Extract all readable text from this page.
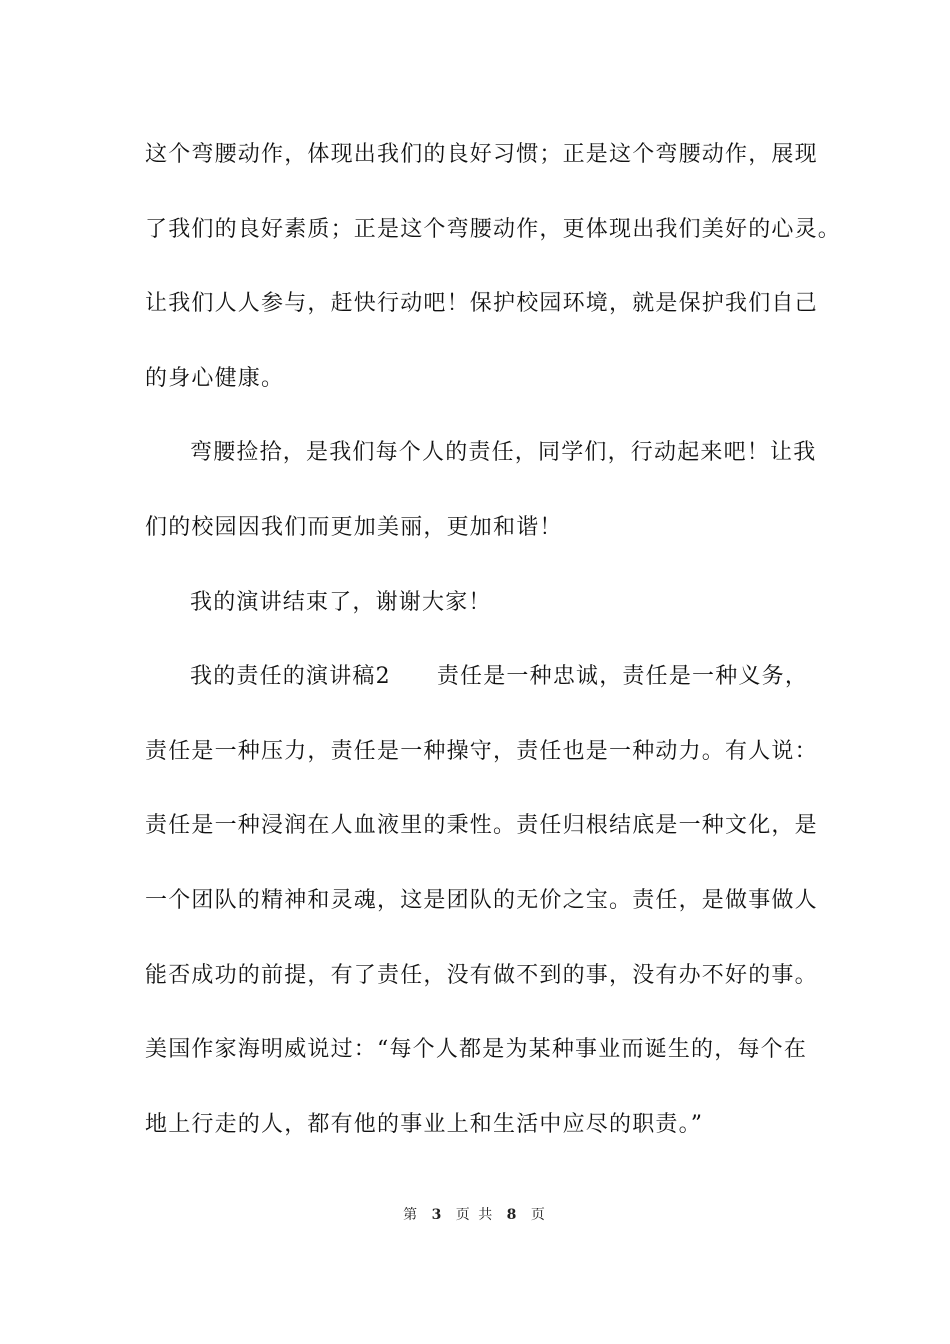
这个弯腰动作，体现出我们的良好习惯；正是这个弯腰动作，展现
了我们的良好素质；正是这个弯腰动作，更体现出我们美好的心灵。
让我们人人参与，赶快行动吧！保护校园环境，就是保护我们自己
的身心健康。
弯腰捡拾，是我们每个人的责任，同学们，行动起来吧！让我
们的校园因我们而更加美丽，更加和谐！
我的演讲结束了，谢谢大家！
我的责任的演讲稿2 责任是一种忠诚，责任是一种义务，
责任是一种压力，责任是一种操守，责任也是一种动力。有人说：
责任是一种浸润在人血液里的秉性。责任归根结底是一种文化，是
一个团队的精神和灵魂，这是团队的无价之宝。责任，是做事做人
能否成功的前提，有了责任，没有做不到的事，没有办不好的事。
美国作家海明威说过：“每个人都是为某种事业而诞生的，每个在
地上行走的人，都有他的事业上和生活中应尽的职责。”
第 3 页 共 8 页
